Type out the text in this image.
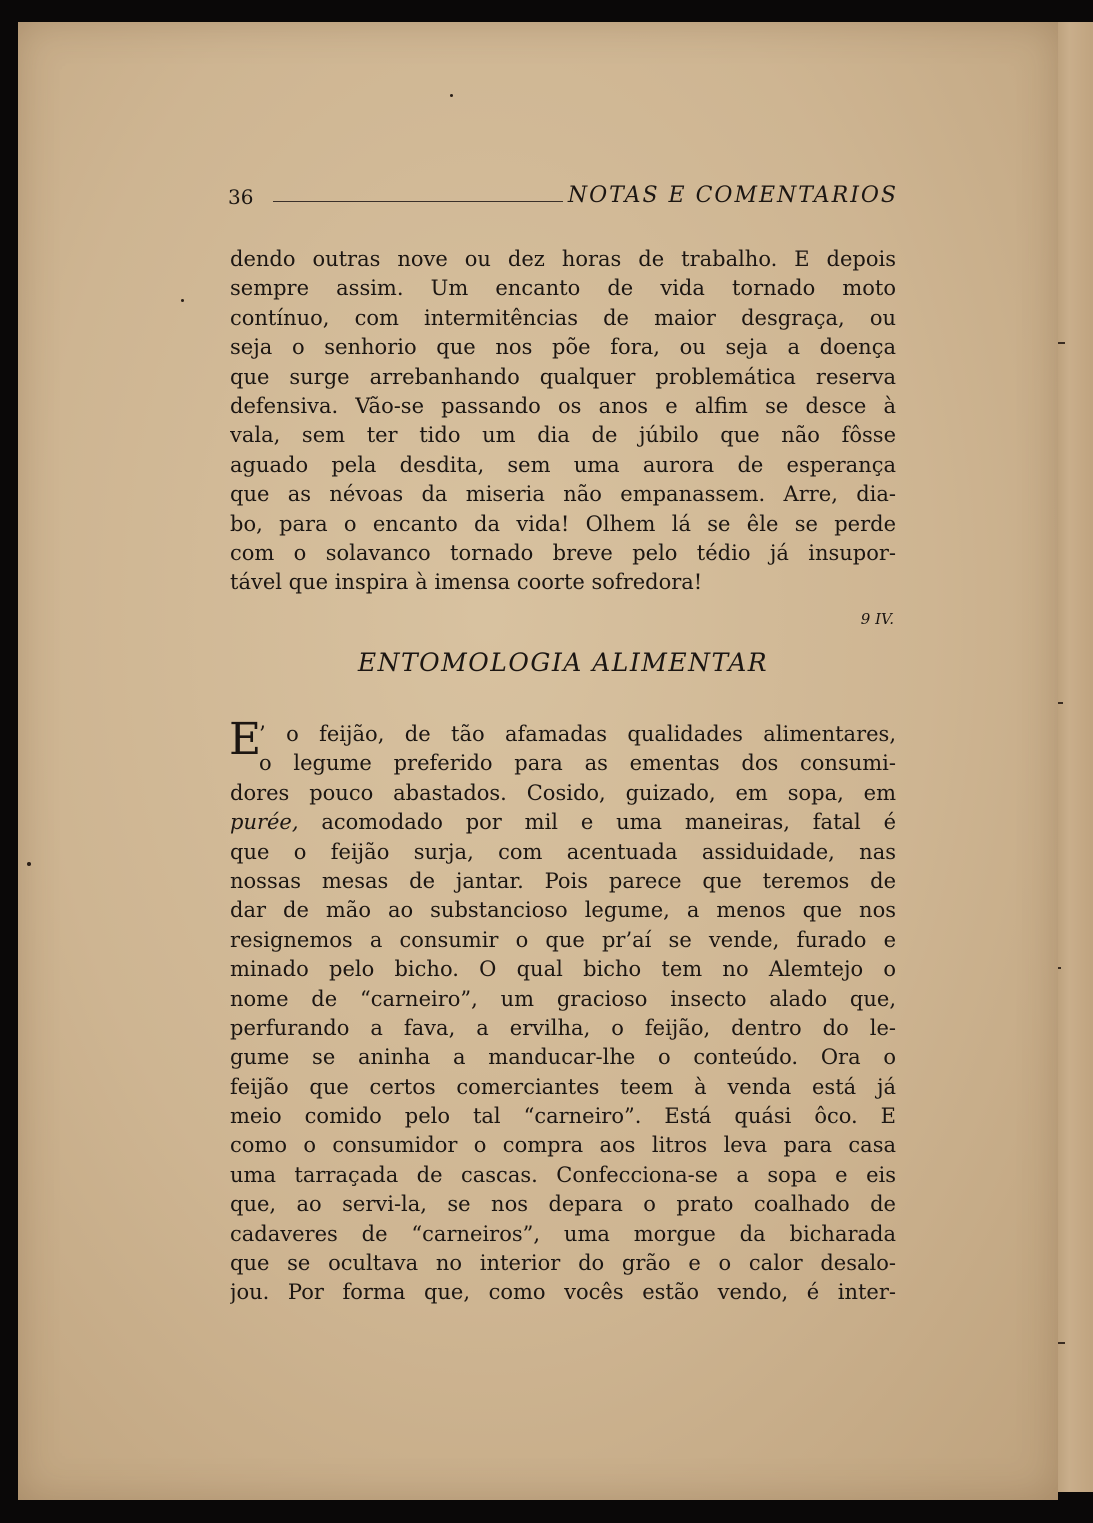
36	NOTAS E COMENTARIOS
dendo outras nove ou dez horas de trabalho. E depois
sempre assim. Um encanto de vida tornado moto
contínuo, com intermitências de maior desgraça, ou
seja o senhorio que nos põe fora, ou seja a doença
que surge arrebanhando qualquer problemática reserva
defensiva. Vão-se passando os anos e alfim se desce à
vala, sem ter tido um dia de júbilo que não fôsse
aguado pela desdita, sem uma aurora de esperança
que as névoas da miseria não empanassem. Arre, dia-
bo, para o encanto da vida! Olhem lá se êle se perde
com o solavanco tornado breve pelo tédio já insupor-
tável que inspira à imensa coorte sofredora!
9 IV.
ENTOMOLOGIA ALIMENTAR
E
’ o feijão, de tão afamadas qualidades alimentares,
o legume preferido para as ementas dos consumi-
dores pouco abastados. Cosido, guizado, em sopa, em
purée, acomodado por mil e uma maneiras, fatal é
que o feijão surja, com acentuada assiduidade, nas
nossas mesas de jantar. Pois parece que teremos de
dar de mão ao substancioso legume, a menos que nos
resignemos a consumir o que pr’aí se vende, furado e
minado pelo bicho. O qual bicho tem no Alemtejo o
nome de “carneiro”, um gracioso insecto alado que,
perfurando a fava, a ervilha, o feijão, dentro do le-
gume se aninha a manducar-lhe o conteúdo. Ora o
feijão que certos comerciantes teem à venda está já
meio comido pelo tal “carneiro”. Está quási ôco. E
como o consumidor o compra aos litros leva para casa
uma tarraçada de cascas. Confecciona-se a sopa e eis
que, ao servi-la, se nos depara o prato coalhado de
cadaveres de “carneiros”, uma morgue da bicharada
que se ocultava no interior do grão e o calor desalo-
jou. Por forma que, como vocês estão vendo, é inter-
